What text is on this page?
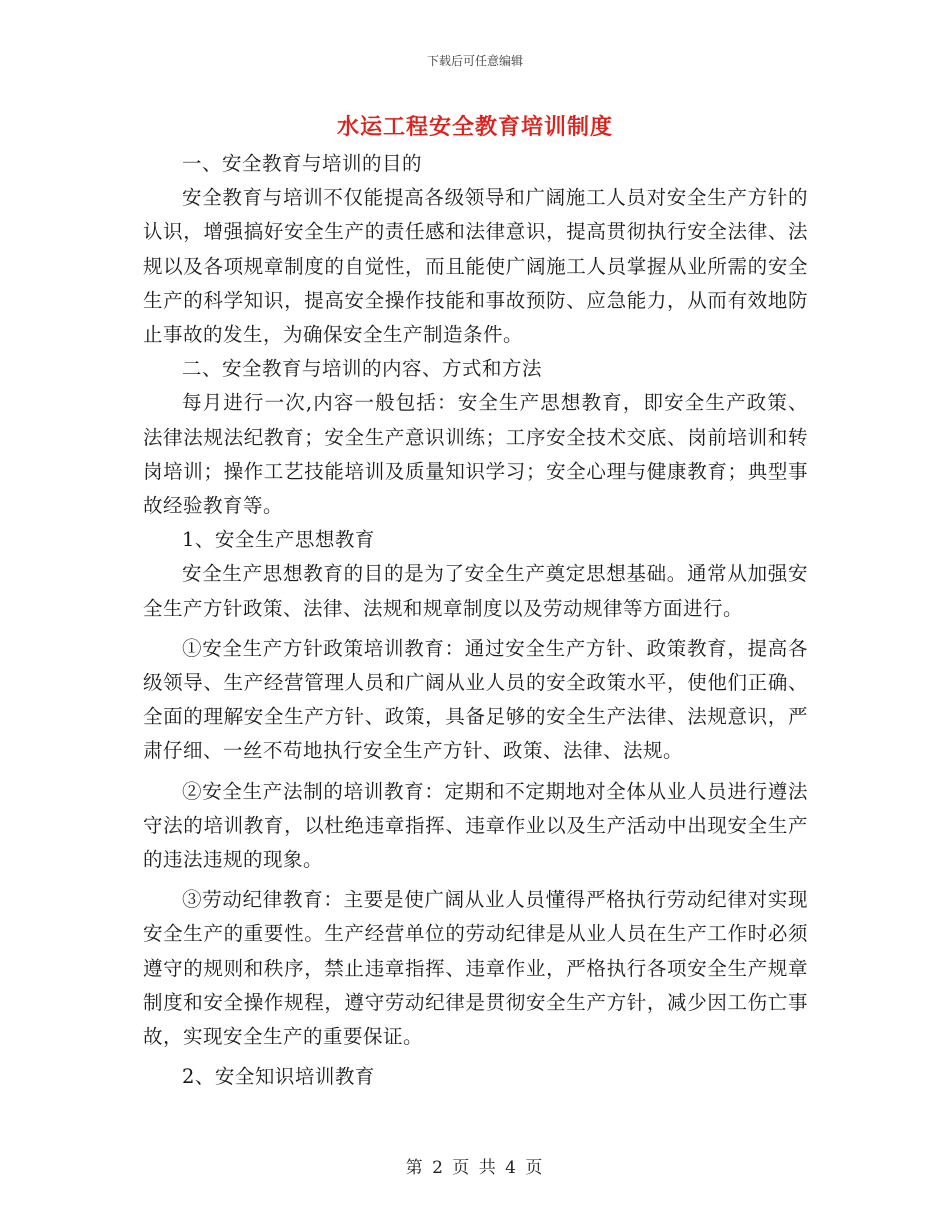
下载后可任意编辑
水运工程安全教育培训制度

一、安全教育与培训的目的

安全教育与培训不仅能提高各级领导和广阔施工人员对安全生产方针的认识，增强搞好安全生产的责任感和法律意识，提高贯彻执行安全法律、法规以及各项规章制度的自觉性，而且能使广阔施工人员掌握从业所需的安全生产的科学知识，提高安全操作技能和事故预防、应急能力，从而有效地防止事故的发生，为确保安全生产制造条件。

二、安全教育与培训的内容、方式和方法

每月进行一次,内容一般包括：安全生产思想教育，即安全生产政策、法律法规法纪教育；安全生产意识训练；工序安全技术交底、岗前培训和转岗培训；操作工艺技能培训及质量知识学习；安全心理与健康教育；典型事故经验教育等。

1、安全生产思想教育

安全生产思想教育的目的是为了安全生产奠定思想基础。通常从加强安全生产方针政策、法律、法规和规章制度以及劳动规律等方面进行。

①安全生产方针政策培训教育：通过安全生产方针、政策教育，提高各级领导、生产经营管理人员和广阔从业人员的安全政策水平，使他们正确、全面的理解安全生产方针、政策，具备足够的安全生产法律、法规意识，严肃仔细、一丝不苟地执行安全生产方针、政策、法律、法规。

②安全生产法制的培训教育：定期和不定期地对全体从业人员进行遵法守法的培训教育，以杜绝违章指挥、违章作业以及生产活动中出现安全生产的违法违规的现象。

③劳动纪律教育：主要是使广阔从业人员懂得严格执行劳动纪律对实现安全生产的重要性。生产经营单位的劳动纪律是从业人员在生产工作时必须遵守的规则和秩序，禁止违章指挥、违章作业，严格执行各项安全生产规章制度和安全操作规程，遵守劳动纪律是贯彻安全生产方针，减少因工伤亡事故，实现安全生产的重要保证。

2、安全知识培训教育

第 2 页 共 4 页
